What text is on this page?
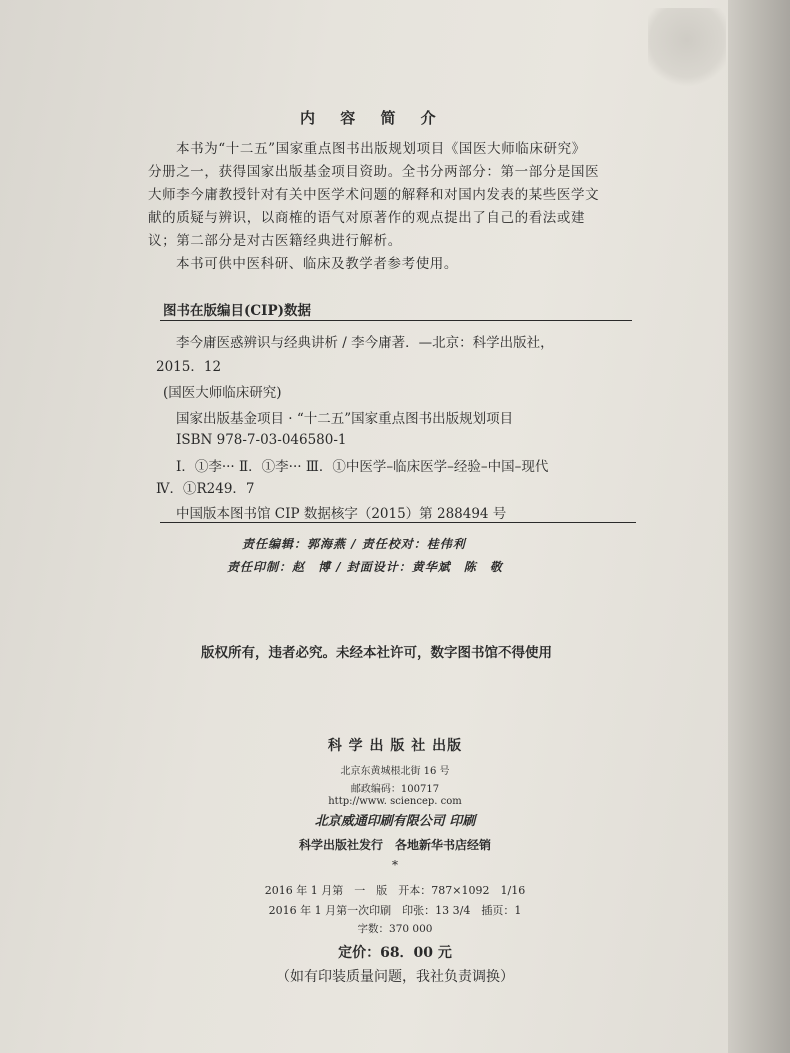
内 容 简 介
本书为“十二五”国家重点图书出版规划项目《国医大师临床研究》
分册之一，获得国家出版基金项目资助。全书分两部分：第一部分是国医
大师李今庸教授针对有关中医学术问题的解释和对国内发表的某些医学文
献的质疑与辨识，以商榷的语气对原著作的观点提出了自己的看法或建
议；第二部分是对古医籍经典进行解析。
本书可供中医科研、临床及教学者参考使用。
图书在版编目(CIP)数据
李今庸医惑辨识与经典讲析 / 李今庸著．—北京：科学出版社，
2015．12
(国医大师临床研究)
国家出版基金项目 · “十二五”国家重点图书出版规划项目
ISBN 978-7-03-046580-1
Ⅰ．①李··· Ⅱ．①李··· Ⅲ．①中医学–临床医学–经验–中国–现代
Ⅳ．①R249．7
中国版本图书馆 CIP 数据核字（2015）第 288494 号
责任编辑：郭海燕 / 责任校对：桂伟利
责任印制：赵　博 / 封面设计：黄华斌　陈　敬
版权所有，违者必究。未经本社许可，数字图书馆不得使用
科 学 出 版 社 出版
北京东黄城根北街 16 号
邮政编码：100717
http://www. sciencep. com
北京威通印刷有限公司 印刷
科学出版社发行　各地新华书店经销
*
2016 年 1 月第　一　版　开本：787×1092　1/16
2016 年 1 月第一次印刷　印张：13 3/4　插页：1
字数：370 000
定价：68．00 元
（如有印装质量问题，我社负责调换）
